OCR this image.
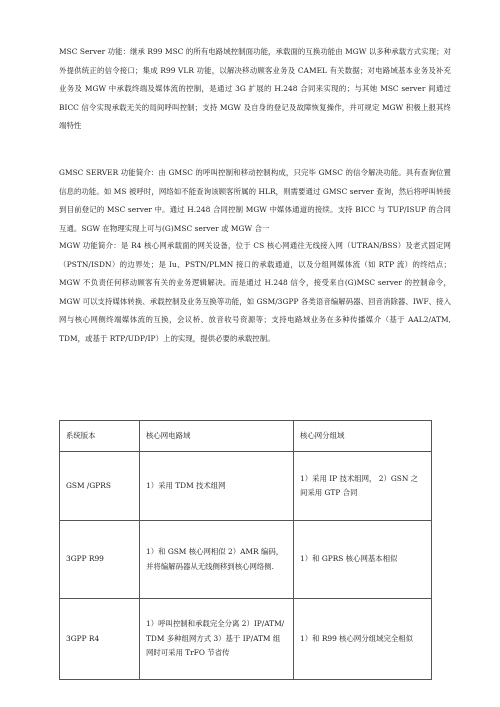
MSC Server 功能：继承 R99 MSC 的所有电路域控制面功能，承载面的互换功能由 MGW 以多种承载方式实现；对外提供统正的信令接口；集成 R99 VLR 功能，以解决移动顾客业务及 CAMEL 有关数据；对电路域基本业务及补充业务及 MGW 中承载终端及媒体流的控制，是通过 3G 扩展的 H.248 合同来实现的；与其她 MSC server 间通过 BICC 信令实现承载无关的局间呼叫控制；支持 MGW 及自身的登记及故障恢复操作，并可规定 MGW 积极上报其终端特性

GMSC SERVER 功能简介：由 GMSC 的呼叫控制和移动控制构成，只完毕 GMSC 的信令解决功能。具有查询位置信息的功能。如 MS 被呼时，网络如不能查询该顾客所属的 HLR，则需要通过 GMSC server 查询，然后将呼叫转接到目前登记的 MSC server 中。通过 H.248 合同控制 MGW 中媒体通道的接续。支持 BICC 与 TUP/ISUP 的合同互通。SGW 在物理实现上可与(G)MSC server 或 MGW 合一

MGW 功能简介：是 R4 核心网承载面的网关设备，位于 CS 核心网通往无线接入网（UTRAN/BSS）及老式固定网（PSTN/ISDN）的边界处；是 Iu、PSTN/PLMN 接口的承载通道，以及分组网媒体流（如 RTP 流）的终结点； MGW 不负责任何移动顾客有关的业务逻辑解决。而是通过 H.248 信令，接受来自(G)MSC server 的控制命令，MGW 可以支持媒体转换、承载控制及业务互换等功能，如 GSM/3GPP 各类语音编解码器、回音消除器、IWF、接入网与核心网侧终端媒体流的互换，会议桥、放音收号资源等；支持电路域业务在多种传播媒介（基于 AAL2/ATM, TDM，或基于 RTP/UDP/IP）上的实现，提供必要的承载控制。

系统版本	核心网电路域	核心网分组域
GSM /GPRS	1）采用 TDM 技术组网	1）采用 IP 技术组网， 2）GSN 之间采用 GTP 合同
3GPP R99	1）和 GSM 核心网相似 2）AMR 编码，并将编解码器从无线侧移到核心网络侧.	1）和 GPRS 核心网基本相似
3GPP R4	1）呼叫控制和承载完全分离 2）IP/ATM/TDM 多种组网方式 3）基于 IP/ATM 组网时可采用 TrFO 节省传	1）和 R99 核心网分组域完全相似
